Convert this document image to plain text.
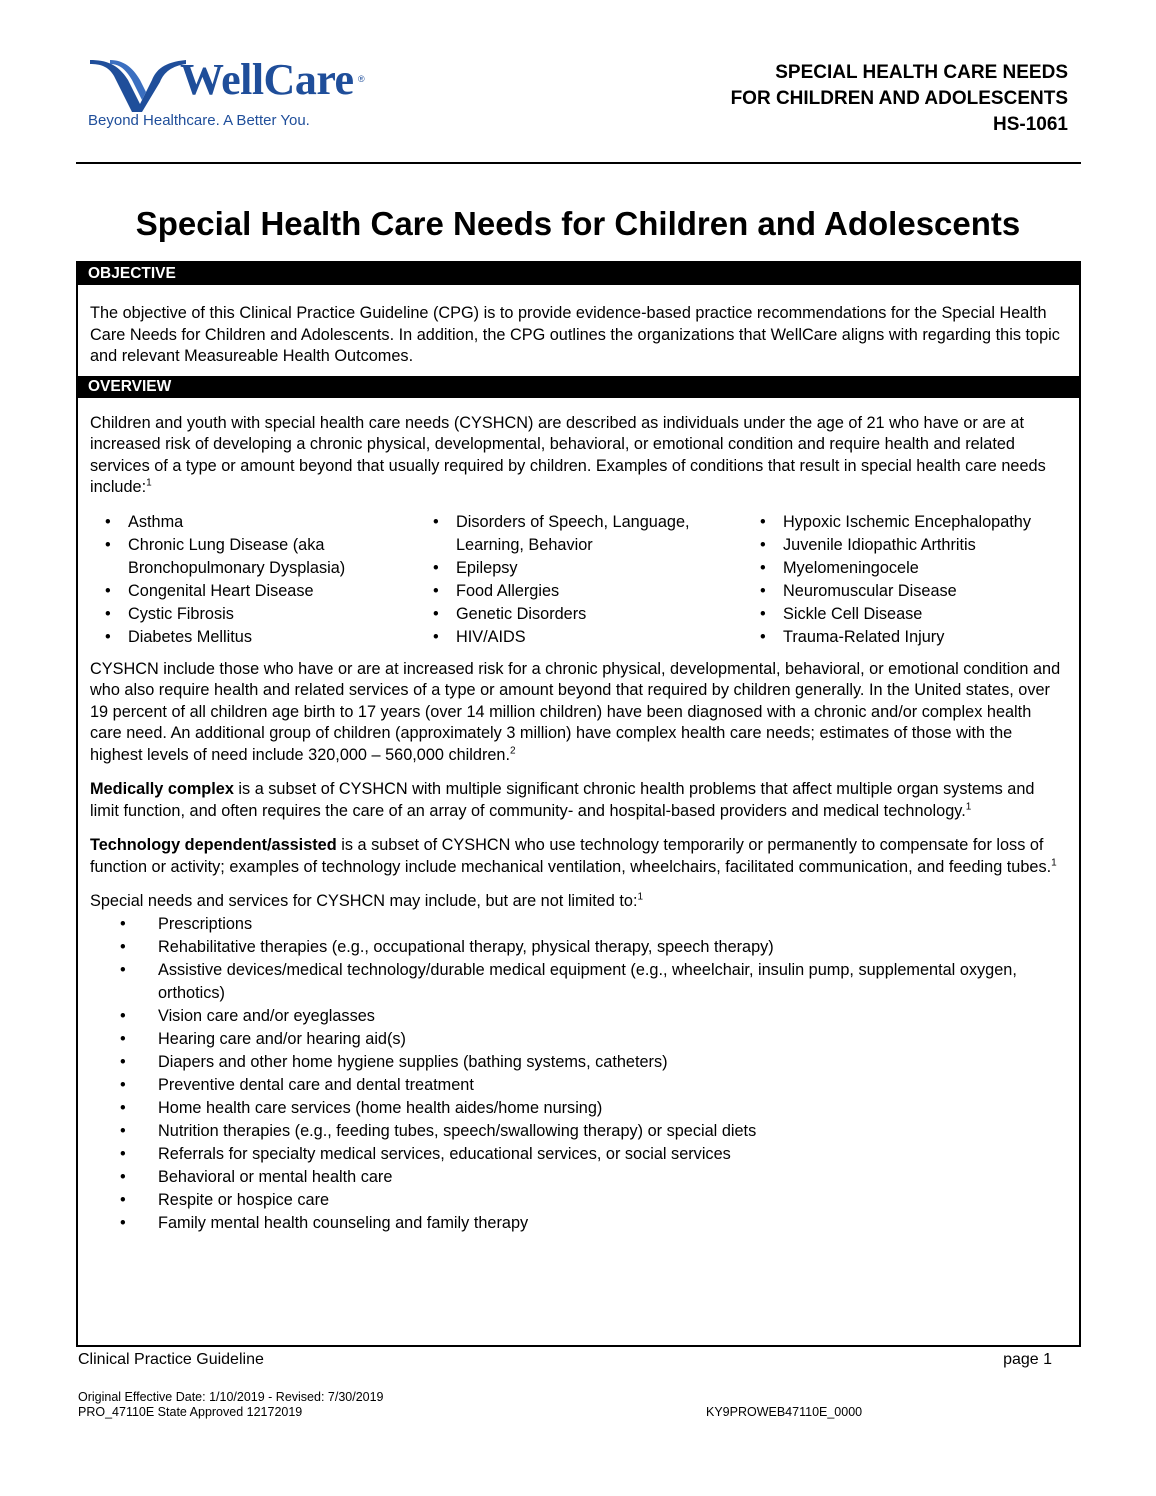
WellCare ®
Beyond Healthcare. A Better You.
SPECIAL HEALTH CARE NEEDS
FOR CHILDREN AND ADOLESCENTS
HS-1061
Special Health Care Needs for Children and Adolescents
OBJECTIVE

The objective of this Clinical Practice Guideline (CPG) is to provide evidence-based practice recommendations for the Special Health Care Needs for Children and Adolescents. In addition, the CPG outlines the organizations that WellCare aligns with regarding this topic and relevant Measureable Health Outcomes.

OVERVIEW

Children and youth with special health care needs (CYSHCN) are described as individuals under the age of 21 who have or are at increased risk of developing a chronic physical, developmental, behavioral, or emotional condition and require health and related services of a type or amount beyond that usually required by children. Examples of conditions that result in special health care needs include:$^1$

• Asthma
• Chronic Lung Disease (aka Bronchopulmonary Dysplasia)
• Congenital Heart Disease
• Cystic Fibrosis
• Diabetes Mellitus
• Disorders of Speech, Language, Learning, Behavior
• Epilepsy
• Food Allergies
• Genetic Disorders
• HIV/AIDS
• Hypoxic Ischemic Encephalopathy
• Juvenile Idiopathic Arthritis
• Myelomeningocele
• Neuromuscular Disease
• Sickle Cell Disease
• Trauma-Related Injury

CYSHCN include those who have or are at increased risk for a chronic physical, developmental, behavioral, or emotional condition and who also require health and related services of a type or amount beyond that required by children generally. In the United states, over 19 percent of all children age birth to 17 years (over 14 million children) have been diagnosed with a chronic and/or complex health care need. An additional group of children (approximately 3 million) have complex health care needs; estimates of those with the highest levels of need include 320,000 – 560,000 children.$^2$

Medically complex is a subset of CYSHCN with multiple significant chronic health problems that affect multiple organ systems and limit function, and often requires the care of an array of community- and hospital-based providers and medical technology.$^1$

Technology dependent/assisted is a subset of CYSHCN who use technology temporarily or permanently to compensate for loss of function or activity; examples of technology include mechanical ventilation, wheelchairs, facilitated communication, and feeding tubes.$^1$

Special needs and services for CYSHCN may include, but are not limited to:$^1$

• Prescriptions
• Rehabilitative therapies (e.g., occupational therapy, physical therapy, speech therapy)
• Assistive devices/medical technology/durable medical equipment (e.g., wheelchair, insulin pump, supplemental oxygen, orthotics)
• Vision care and/or eyeglasses
• Hearing care and/or hearing aid(s)
• Diapers and other home hygiene supplies (bathing systems, catheters)
• Preventive dental care and dental treatment
• Home health care services (home health aides/home nursing)
• Nutrition therapies (e.g., feeding tubes, speech/swallowing therapy) or special diets
• Referrals for specialty medical services, educational services, or social services
• Behavioral or mental health care
• Respite or hospice care
• Family mental health counseling and family therapy
Clinical Practice Guideline	page 1
Original Effective Date: 1/10/2019 - Revised: 7/30/2019
PRO_47110E State Approved 12172019	KY9PROWEB47110E_0000
